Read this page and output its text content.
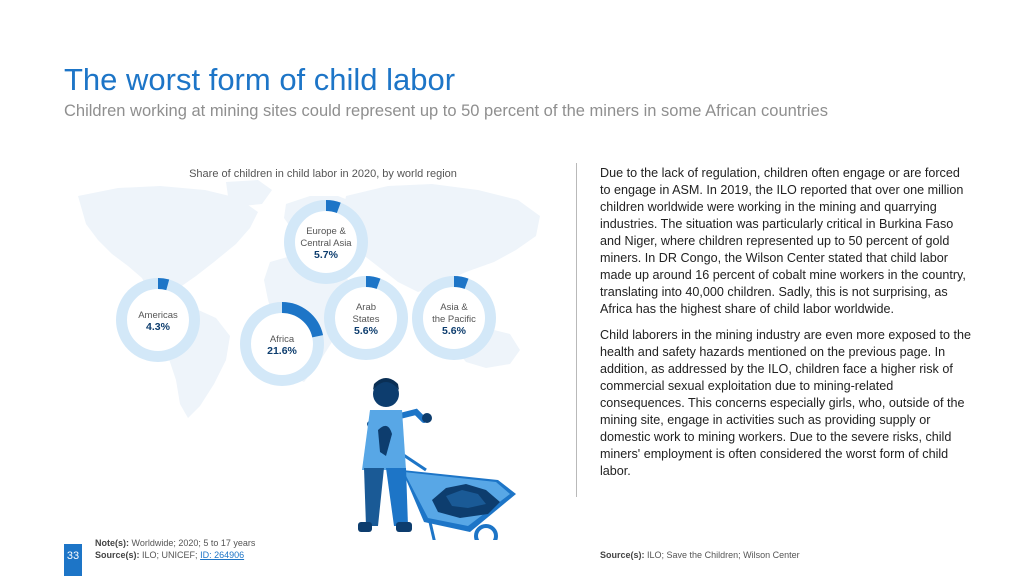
The worst form of child labor

Children working at mining sites could represent up to 50 percent of the miners in some African countries

Share of children in child labor in 2020, by world region

Europe &
Central Asia
5.7%
Americas
4.3%
Africa
21.6%
Arab
States
5.6%
Asia &
the Pacific
5.6%

Due to the lack of regulation, children often engage or are forced to engage in ASM. In 2019, the ILO reported that over one million children worldwide were working in the mining and quarrying industries. The situation was particularly critical in Burkina Faso and Niger, where children represented up to 50 percent of gold miners. In DR Congo, the Wilson Center stated that child labor made up around 16 percent of cobalt mine workers in the country, translating into 40,000 children. Sadly, this is not surprising, as Africa has the highest share of child labor worldwide.

Child laborers in the mining industry are even more exposed to the health and safety hazards mentioned on the previous page. In addition, as addressed by the ILO, children face a higher risk of commercial sexual exploitation due to mining-related consequences. This concerns especially girls, who, outside of the mining site, engage in activities such as providing supply or domestic work to mining workers. Due to the severe risks, child miners' employment is often considered the worst form of child labor.

33
Note(s): Worldwide; 2020; 5 to 17 years
Source(s): ILO; UNICEF; ID: 264906	Source(s): ILO; Save the Children; Wilson Center
